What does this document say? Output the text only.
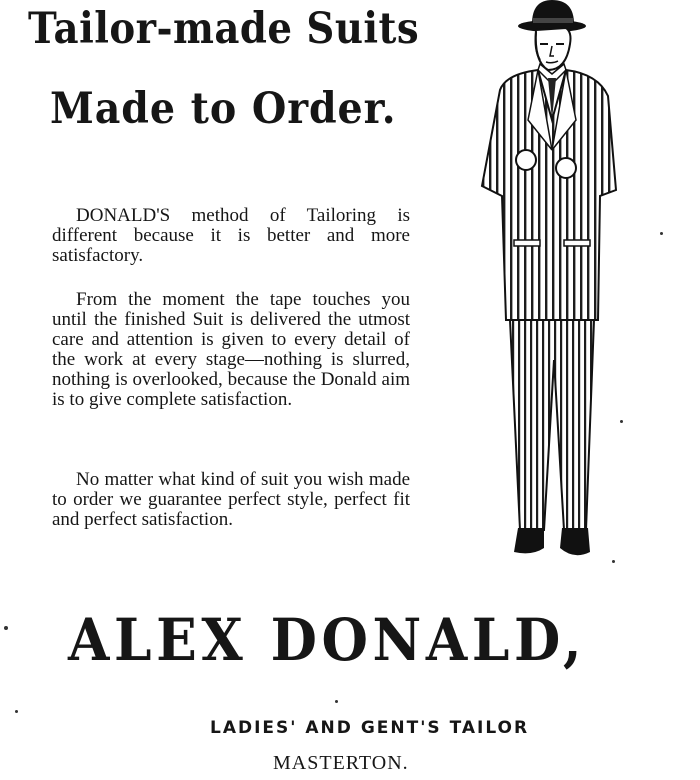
Tailor-made Suits
Made to Order.

DONALD'S method of Tailoring is different because it is better and more satisfactory.

From the moment the tape touches you until the finished Suit is delivered the utmost care and attention is given to every detail of the work at every stage—nothing is slurred, nothing is overlooked, because the Donald aim is to give complete satisfaction.

No matter what kind of suit you wish made to order we guarantee perfect style, perfect fit and perfect satisfaction.

ALEX DONALD,
LADIES' AND GENT'S TAILOR
MASTERTON.
